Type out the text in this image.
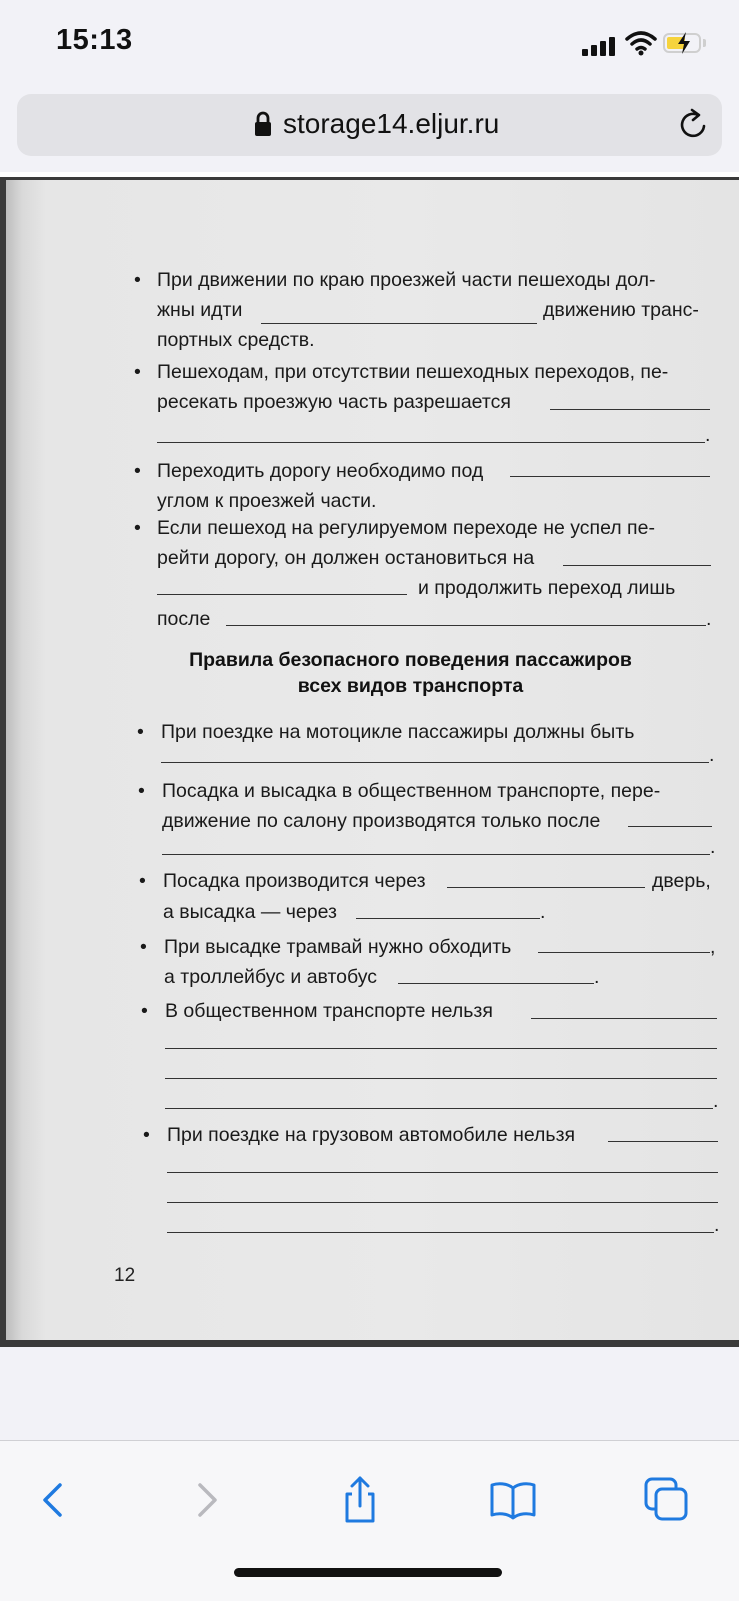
15:13
storage14.eljur.ru
• При движении по краю проезжей части пешеходы дол-
жны идти	движению транс-
портных средств.
• Пешеходам, при отсутствии пешеходных переходов, пе-
ресекать проезжую часть разрешается
.
• Переходить дорогу необходимо под
углом к проезжей части.
• Если пешеход на регулируемом переходе не успел пе-
рейти дорогу, он должен остановиться на
и продолжить переход лишь
после	.
Правила безопасного поведения пассажиров
всех видов транспорта
• При поездке на мотоцикле пассажиры должны быть
.
• Посадка и высадка в общественном транспорте, пере-
движение по салону производятся только после
.
• Посадка производится через	дверь,
а высадка — через	.
• При высадке трамвай нужно обходить	,
а троллейбус и автобус	.
• В общественном транспорте нельзя
.
• При поездке на грузовом автомобиле нельзя
.
12
